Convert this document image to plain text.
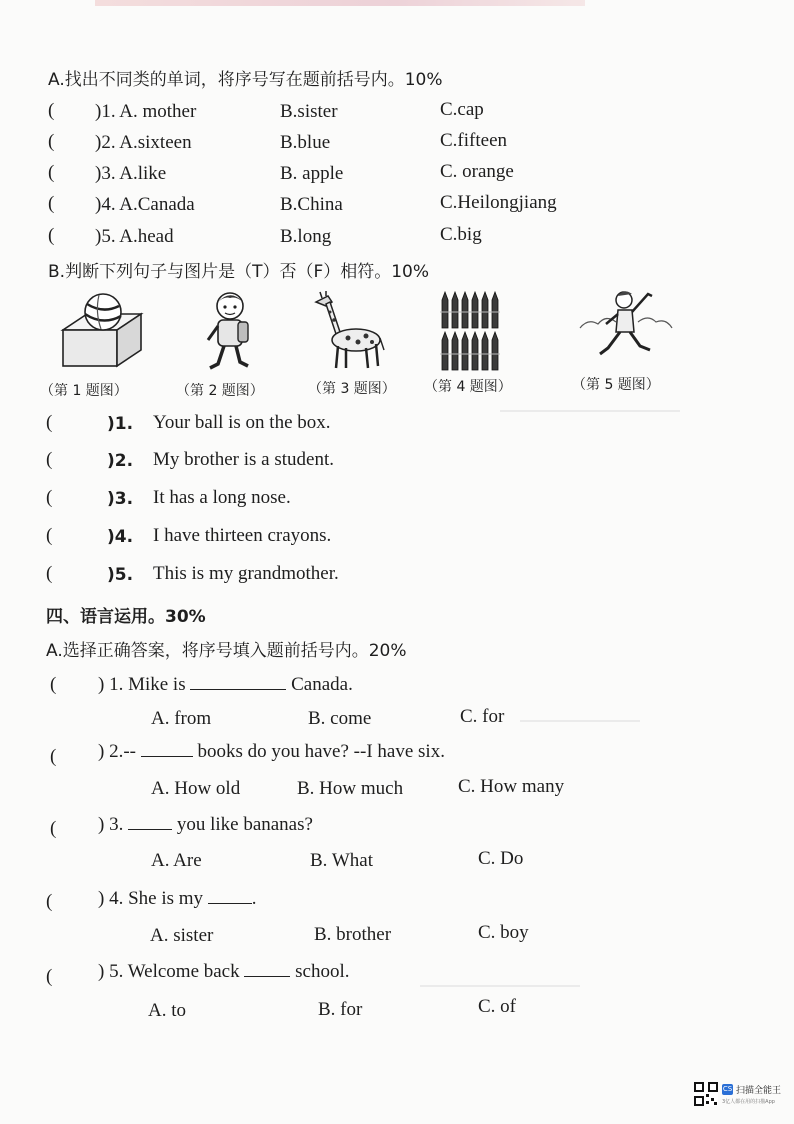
A.找出不同类的单词，将序号写在题前括号内。10%
( )1. A. mother	B.sister	C.cap
( )2. A.sixteen	B.blue	C.fifteen
( )3. A.like	B. apple	C. orange
( )4. A.Canada	B.China	C.Heilongjiang
( )5. A.head	B.long	C.big
B.判断下列句子与图片是（T）否（F）相符。10%
（第 1 题图）	（第 2 题图）	（第 3 题图） （第 4 题图）	（第 5 题图）
(	)1. Your ball is on the box.
(	)2. My brother is a student.
(	)3. It has a long nose.
(	)4. I have thirteen crayons.
(	)5. This is my grandmother.
四、语言运用。30%
A.选择正确答案，将序号填入题前括号内。20%
( ) 1. Mike is	Canada.
A. from	B. come	C. for
( ) 2.--	books do you have? --I have six.
A. How old	B. How much	C. How many
( ) 3.	you like bananas?
A. Are	B. What	C. Do
( ) 4. She is my	.
A. sister	B. brother	C. boy
( ) 5. Welcome back	school.
A. to	B. for	C. of
CS 扫描全能王
3亿人都在用的扫描App
